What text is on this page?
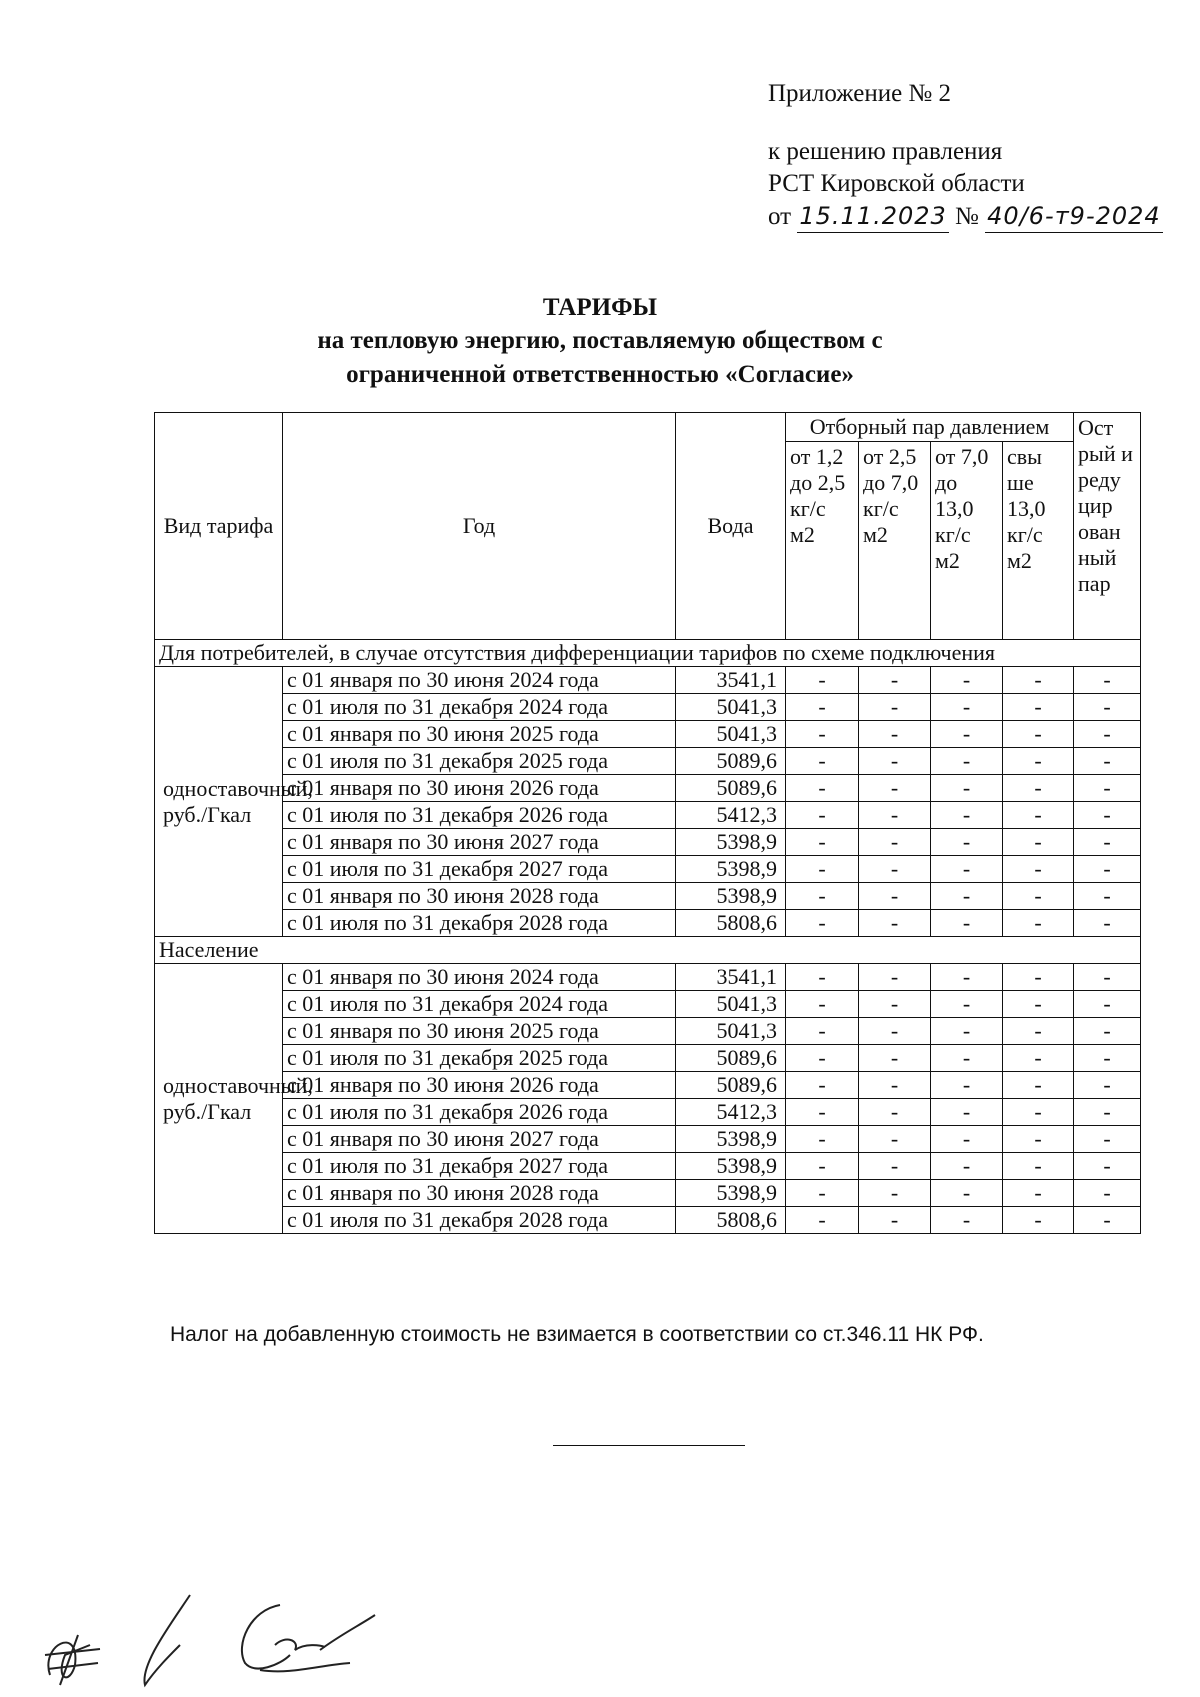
Приложение № 2
к решению правления
РСТ Кировской области
от 15.11.2023 № 40/6-т9-2024
ТАРИФЫ
на тепловую энергию, поставляемую обществом с
ограниченной ответственностью «Согласие»
Вид тарифа	Год	Вода	Отборный пар давлением				Ост рый и реду цир ован ный пар
			от 1,2 до 2,5 кг/с м2	от 2,5 до 7,0 кг/с м2	от 7,0 до 13,0 кг/с м2	свы ше 13,0 кг/с м2	
Для потребителей, в случае отсутствия дифференциации тарифов по схеме подключения							
одноставочный, руб./Гкал	с 01 января по 30 июня 2024 года	3541,1	-	-	-	-	-
	с 01 июля по 31 декабря 2024 года	5041,3	-	-	-	-	-
	с 01 января по 30 июня 2025 года	5041,3	-	-	-	-	-
	с 01 июля по 31 декабря 2025 года	5089,6	-	-	-	-	-
	с 01 января по 30 июня 2026 года	5089,6	-	-	-	-	-
	с 01 июля по 31 декабря 2026 года	5412,3	-	-	-	-	-
	с 01 января по 30 июня 2027 года	5398,9	-	-	-	-	-
	с 01 июля по 31 декабря 2027 года	5398,9	-	-	-	-	-
	с 01 января по 30 июня 2028 года	5398,9	-	-	-	-	-
	с 01 июля по 31 декабря 2028 года	5808,6	-	-	-	-	-
Население							
одноставочный, руб./Гкал	с 01 января по 30 июня 2024 года	3541,1	-	-	-	-	-
	с 01 июля по 31 декабря 2024 года	5041,3	-	-	-	-	-
	с 01 января по 30 июня 2025 года	5041,3	-	-	-	-	-
	с 01 июля по 31 декабря 2025 года	5089,6	-	-	-	-	-
	с 01 января по 30 июня 2026 года	5089,6	-	-	-	-	-
	с 01 июля по 31 декабря 2026 года	5412,3	-	-	-	-	-
	с 01 января по 30 июня 2027 года	5398,9	-	-	-	-	-
	с 01 июля по 31 декабря 2027 года	5398,9	-	-	-	-	-
	с 01 января по 30 июня 2028 года	5398,9	-	-	-	-	-
	с 01 июля по 31 декабря 2028 года	5808,6	-	-	-	-	-
Налог на добавленную стоимость не взимается в соответствии со ст.346.11 НК РФ.
